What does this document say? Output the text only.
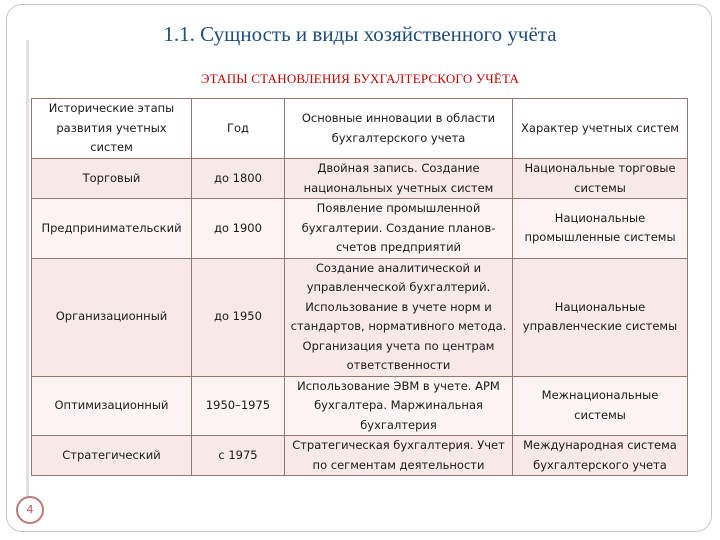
1.1. Сущность и виды хозяйственного учёта
ЭТАПЫ СТАНОВЛЕНИЯ БУХГАЛТЕРСКОГО УЧЁТА
Исторические этапы развития учетных систем	Год	Основные инновации в области бухгалтерского учета	Характер учетных систем
Торговый	до 1800	Двойная запись. Создание национальных учетных систем	Национальные торговые системы
Предпринимательский	до 1900	Появление промышленной бухгалтерии. Создание планов-счетов предприятий	Национальные промышленные системы
Организационный	до 1950	Создание аналитической и управленческой бухгалтерий. Использование в учете норм и стандартов, нормативного метода. Организация учета по центрам ответственности	Национальные управленческие системы
Оптимизационный	1950–1975	Использование ЭВМ в учете. АРМ бухгалтера. Маржинальная бухгалтерия	Межнациональные системы
Стратегический	с 1975	Стратегическая бухгалтерия. Учет по сегментам деятельности	Международная система бухгалтерского учета
4
